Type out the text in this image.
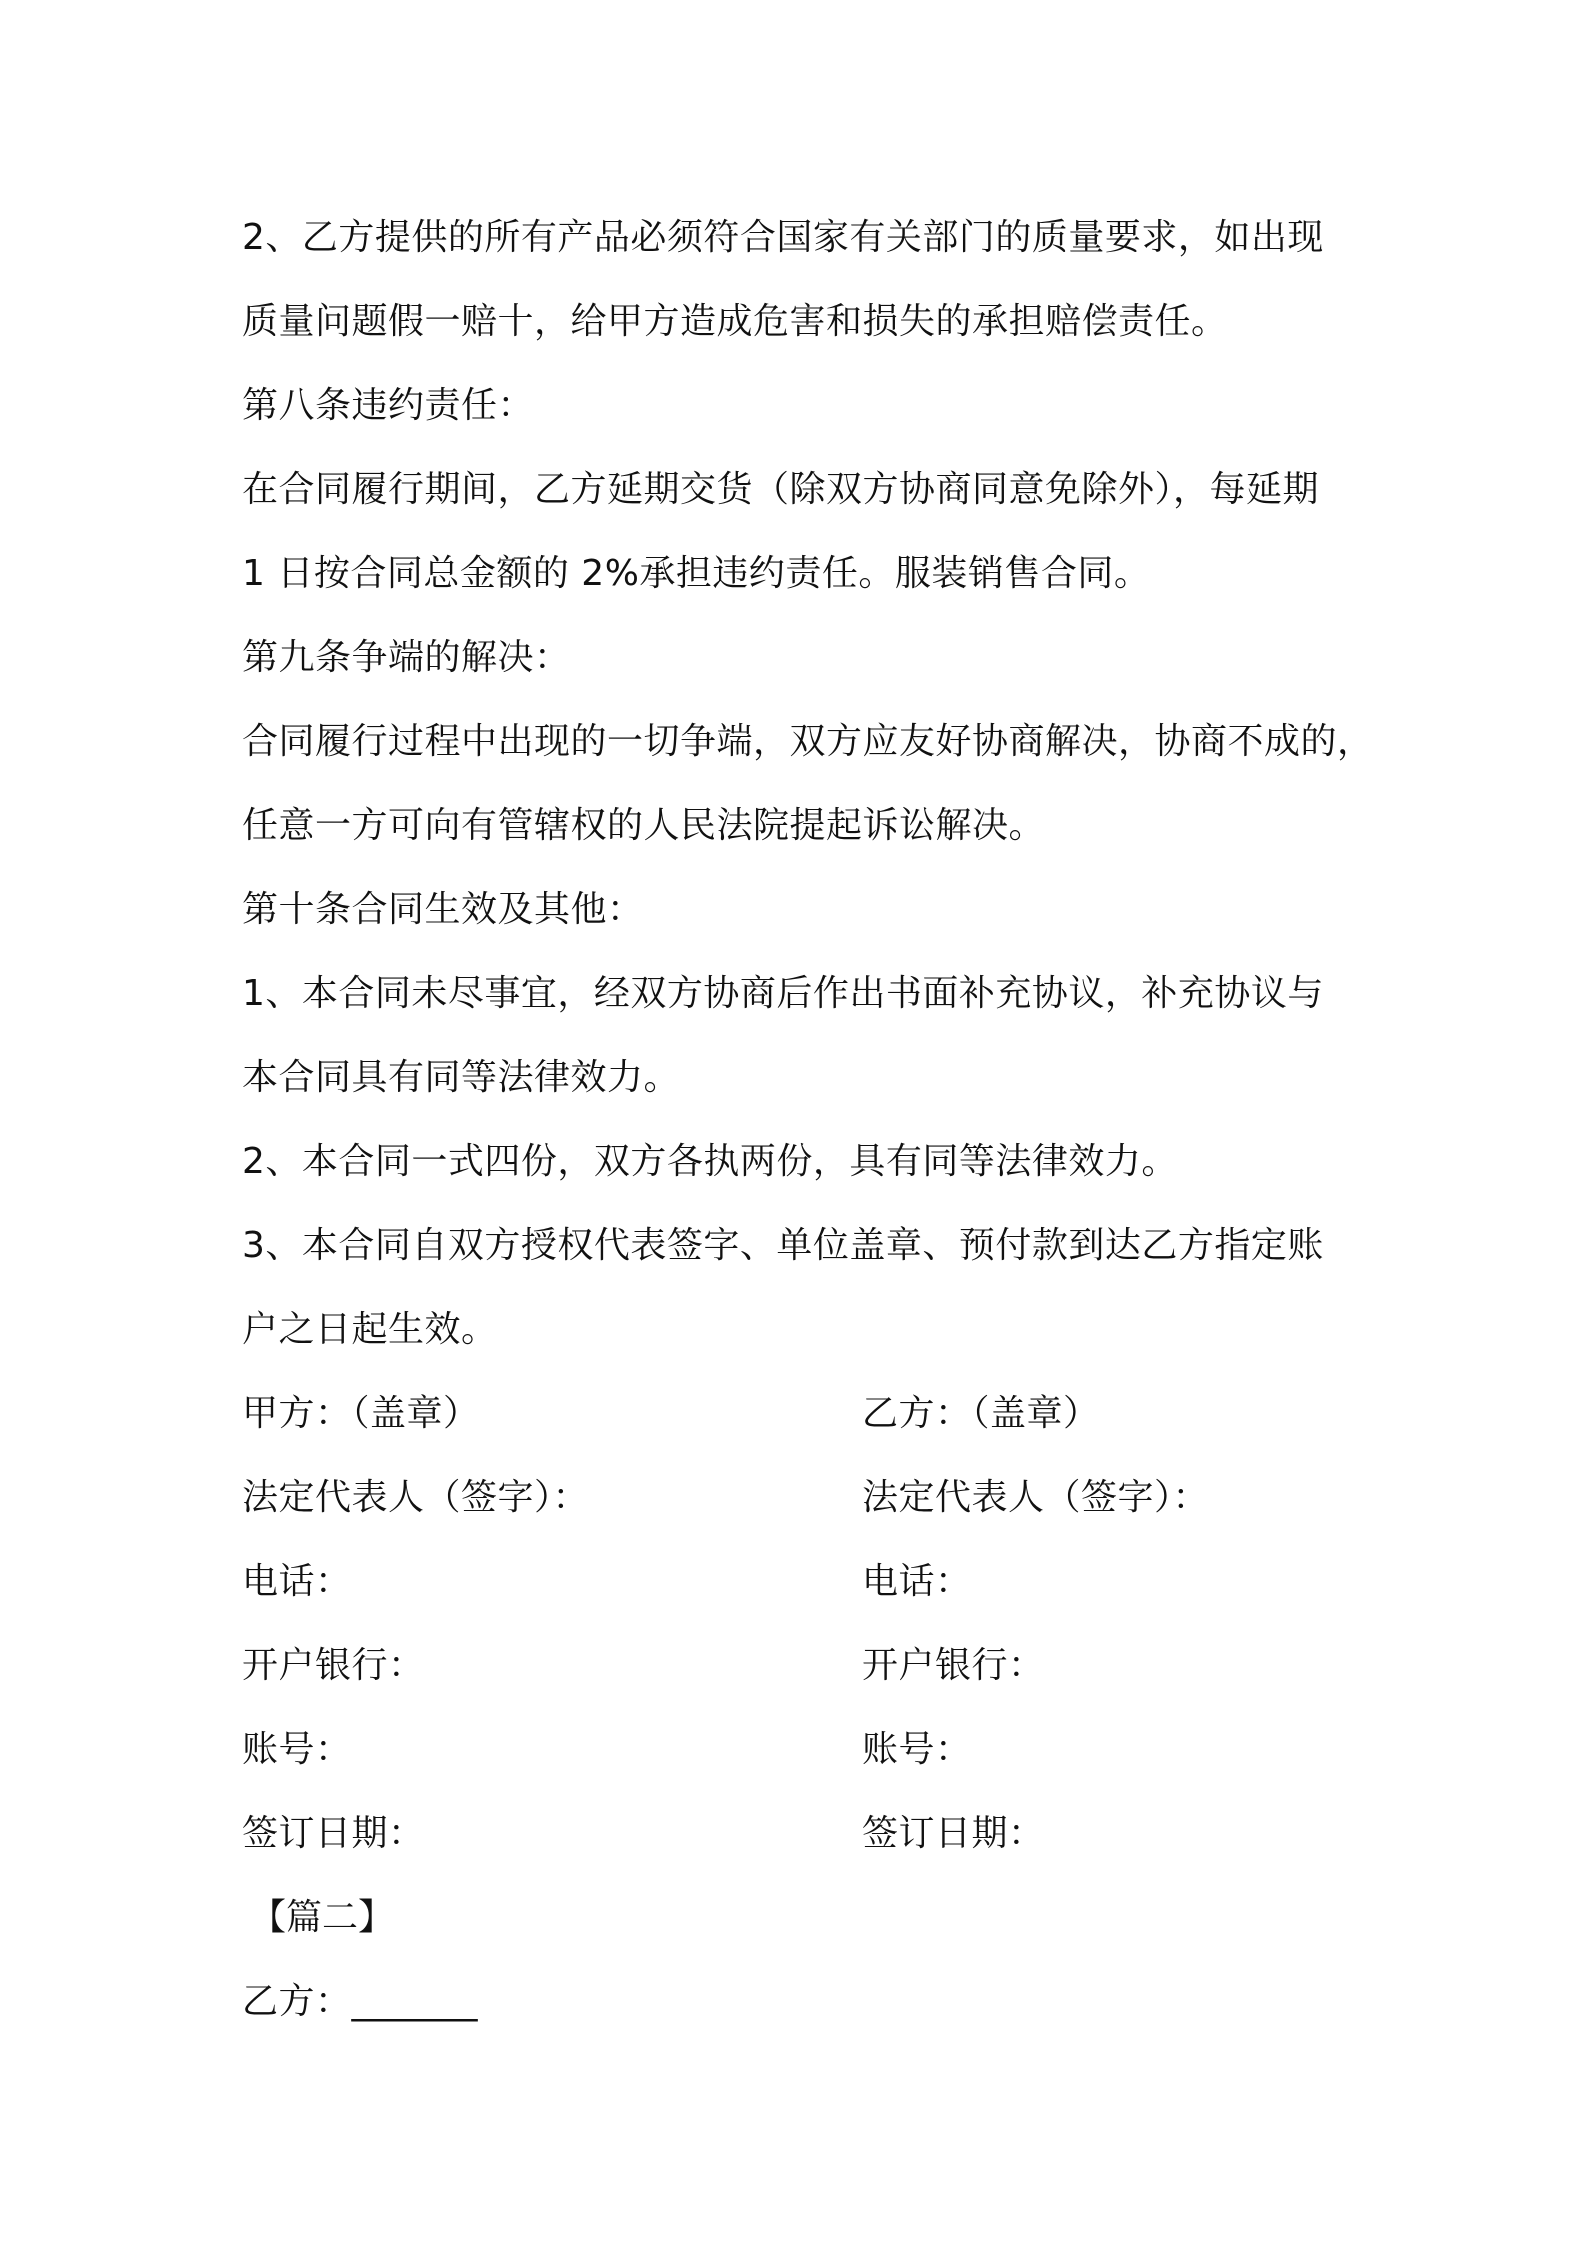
2、乙方提供的所有产品必须符合国家有关部门的质量要求，如出现
质量问题假一赔十，给甲方造成危害和损失的承担赔偿责任。
第八条违约责任：
在合同履行期间，乙方延期交货（除双方协商同意免除外），每延期
1 日按合同总金额的 2%承担违约责任。服装销售合同。
第九条争端的解决：
合同履行过程中出现的一切争端，双方应友好协商解决，协商不成的，
任意一方可向有管辖权的人民法院提起诉讼解决。
第十条合同生效及其他：
1、本合同未尽事宜，经双方协商后作出书面补充协议，补充协议与
本合同具有同等法律效力。
2、本合同一式四份，双方各执两份，具有同等法律效力。
3、本合同自双方授权代表签字、单位盖章、预付款到达乙方指定账
户之日起生效。
甲方：（盖章）	乙方：（盖章）
法定代表人（签字）：	法定代表人（签字）：
电话：	电话：
开户银行：	开户银行：
账号：	账号：
签订日期：	签订日期：
【篇二】
乙方：_______
